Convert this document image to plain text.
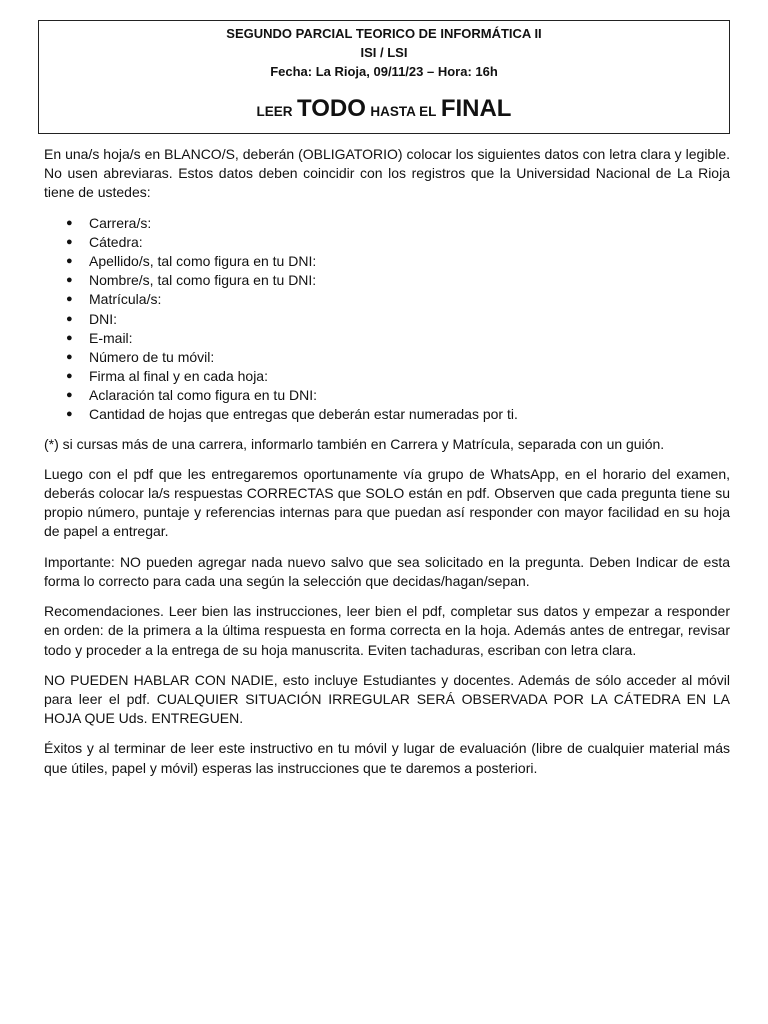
SEGUNDO PARCIAL TEORICO DE INFORMÁTICA II
ISI / LSI
Fecha: La Rioja, 09/11/23 – Hora: 16h
LEER TODO HASTA EL FINAL

En una/s hoja/s en BLANCO/S, deberán (OBLIGATORIO) colocar los siguientes datos con letra clara y legible. No usen abreviaras. Estos datos deben coincidir con los registros que la Universidad Nacional de La Rioja tiene de ustedes:

● Carrera/s:
● Cátedra:
● Apellido/s, tal como figura en tu DNI:
● Nombre/s, tal como figura en tu DNI:
● Matrícula/s:
● DNI:
● E-mail:
● Número de tu móvil:
● Firma al final y en cada hoja:
● Aclaración tal como figura en tu DNI:
● Cantidad de hojas que entregas que deberán estar numeradas por ti.

(*) si cursas más de una carrera, informarlo también en Carrera y Matrícula, separada con un guión.

Luego con el pdf que les entregaremos oportunamente vía grupo de WhatsApp, en el horario del examen, deberás colocar la/s respuestas CORRECTAS que SOLO están en pdf. Observen que cada pregunta tiene su propio número, puntaje y referencias internas para que puedan así responder con mayor facilidad en su hoja de papel a entregar.

Importante: NO pueden agregar nada nuevo salvo que sea solicitado en la pregunta. Deben Indicar de esta forma lo correcto para cada una según la selección que decidas/hagan/sepan.

Recomendaciones. Leer bien las instrucciones, leer bien el pdf, completar sus datos y empezar a responder en orden: de la primera a la última respuesta en forma correcta en la hoja. Además antes de entregar, revisar todo y proceder a la entrega de su hoja manuscrita. Eviten tachaduras, escriban con letra clara.

NO PUEDEN HABLAR CON NADIE, esto incluye Estudiantes y docentes. Además de sólo acceder al móvil para leer el pdf. CUALQUIER SITUACIÓN IRREGULAR SERÁ OBSERVADA POR LA CÁTEDRA EN LA HOJA QUE Uds. ENTREGUEN.

Éxitos y al terminar de leer este instructivo en tu móvil y lugar de evaluación (libre de cualquier material más que útiles, papel y móvil) esperas las instrucciones que te daremos a posteriori.
